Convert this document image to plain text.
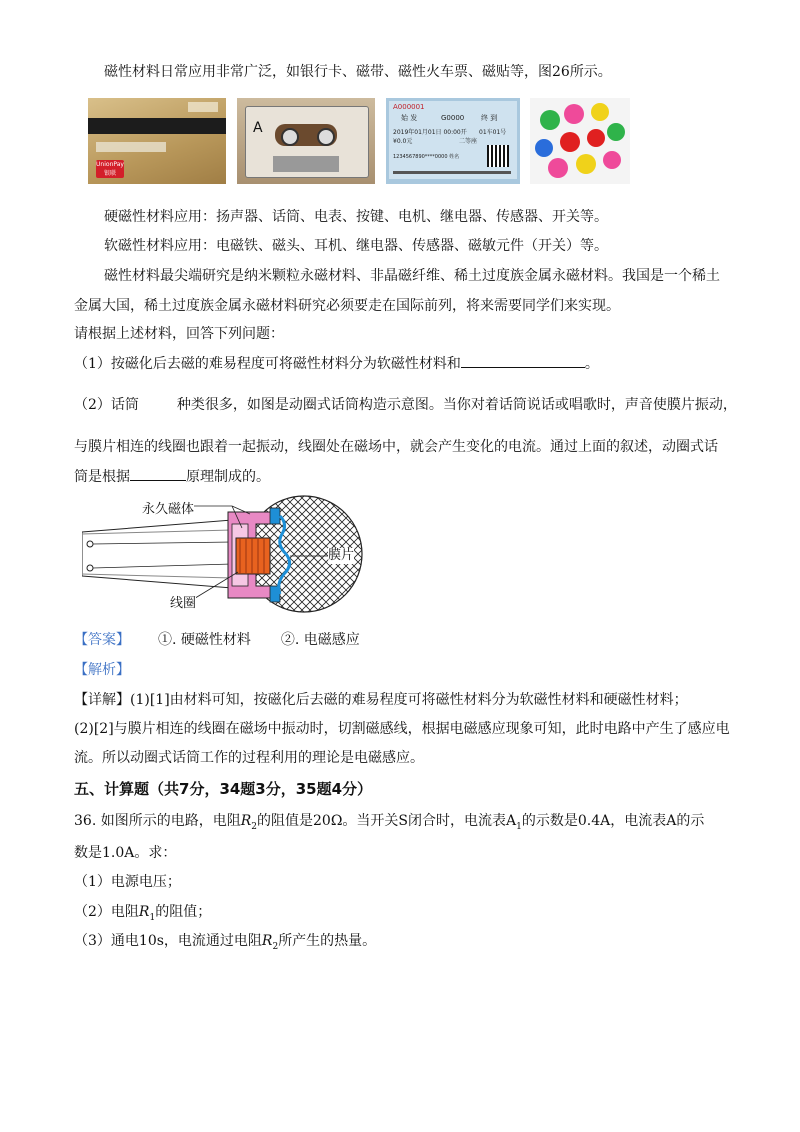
磁性材料日常应用非常广泛，如银行卡、磁带、磁性火车票、磁贴等，图26所示。
UnionPay 银联
A
A000001
始 发	G0000 终 到
2019年01月01日 00:00开 01车01号
¥0.0元	二等座
1234567890****0000 姓名
硬磁性材料应用：扬声器、话筒、电表、按键、电机、继电器、传感器、开关等。
软磁性材料应用：电磁铁、磁头、耳机、继电器、传感器、磁敏元件（开关）等。
磁性材料最尖端研究是纳米颗粒永磁材料、非晶磁纤维、稀土过度族金属永磁材料。我国是一个稀土
金属大国，稀土过度族金属永磁材料研究必须要走在国际前列，将来需要同学们来实现。
请根据上述材料，回答下列问题：
（1）按磁化后去磁的难易程度可将磁性材料分为软磁性材料和	。
（2）话筒	种类很多，如图是动圈式话筒构造示意图。当你对着话筒说话或唱歌时，声音使膜片振动，
与膜片相连的线圈也跟着一起振动，线圈处在磁场中，就会产生变化的电流。通过上面的叙述，动圈式话
筒是根据	原理制成的。
永久磁体
膜片
线圈
【答案】 ①. 硬磁性材料 ②. 电磁感应
【解析】
【详解】(1)[1]由材料可知，按磁化后去磁的难易程度可将磁性材料分为软磁性材料和硬磁性材料；
(2)[2]与膜片相连的线圈在磁场中振动时，切割磁感线，根据电磁感应现象可知，此时电路中产生了感应电
流。所以动圈式话筒工作的过程利用的理论是电磁感应。
五、计算题（共7分，34题3分，35题4分）
36. 如图所示的电路，电阻$R_2$的阻值是20Ω。当开关S闭合时，电流表$A_1$的示数是0.4A，电流表A的示
数是1.0A。求：
（1）电源电压；
（2）电阻$R_1$的阻值；
（3）通电10s，电流通过电阻$R_2$所产生的热量。
